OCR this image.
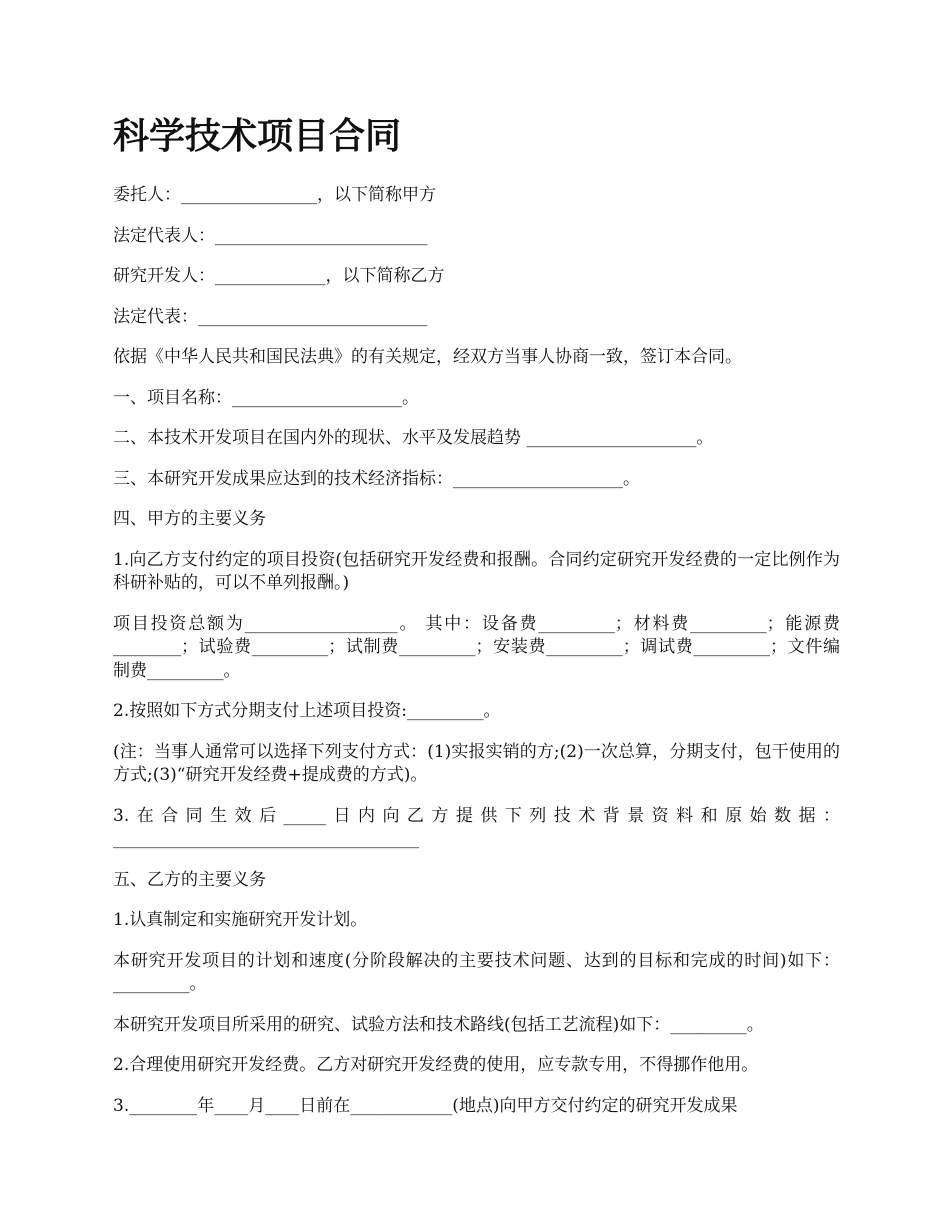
科学技术项目合同

委托人：________________，以下简称甲方

法定代表人：_________________________

研究开发人：_____________，以下简称乙方

法定代表：___________________________

依据《中华人民共和国民法典》的有关规定，经双方当事人协商一致，签订本合同。

一、项目名称：____________________。

二、本技术开发项目在国内外的现状、水平及发展趋势 ____________________。

三、本研究开发成果应达到的技术经济指标：____________________。

四、甲方的主要义务

1.向乙方支付约定的项目投资(包括研究开发经费和报酬。合同约定研究开发经费的一定比例作为科研补贴的，可以不单列报酬。)

项目投资总额为__________________。 其中：设备费_________；材料费_________；能源费________；试验费_________；试制费_________；安装费_________；调试费_________；文件编制费_________。

2.按照如下方式分期支付上述项目投资:_________。

(注：当事人通常可以选择下列支付方式：(1)实报实销的方;(2)一次总算，分期支付，包干使用的方式;(3)“研究开发经费+提成费的方式)。

3.在合同生效后_____日内向乙方提供下列技术背景资料和原始数据：____________________________________

五、乙方的主要义务

1.认真制定和实施研究开发计划。

本研究开发项目的计划和速度(分阶段解决的主要技术问题、达到的目标和完成的时间)如下：_________。

本研究开发项目所采用的研究、试验方法和技术路线(包括工艺流程)如下：_________。

2.合理使用研究开发经费。乙方对研究开发经费的使用，应专款专用，不得挪作他用。

3.________年____月____日前在____________(地点)向甲方交付约定的研究开发成果
